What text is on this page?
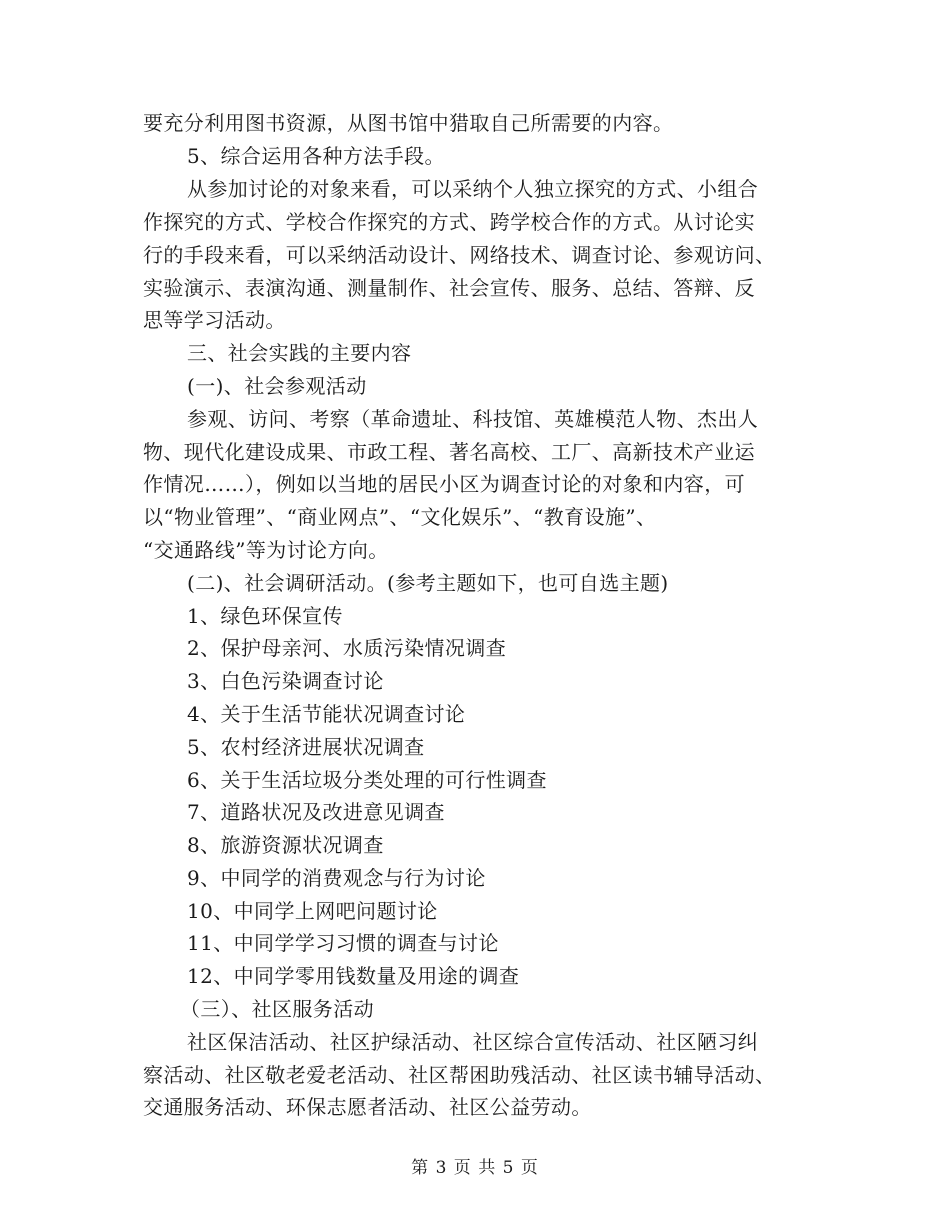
要充分利用图书资源，从图书馆中猎取自己所需要的内容。
5、综合运用各种方法手段。
从参加讨论的对象来看，可以采纳个人独立探究的方式、小组合
作探究的方式、学校合作探究的方式、跨学校合作的方式。从讨论实
行的手段来看，可以采纳活动设计、网络技术、调查讨论、参观访问、
实验演示、表演沟通、测量制作、社会宣传、服务、总结、答辩、反
思等学习活动。
三、社会实践的主要内容
(一)、社会参观活动
参观、访问、考察（革命遗址、科技馆、英雄模范人物、杰出人
物、现代化建设成果、市政工程、著名高校、工厂、高新技术产业运
作情况……），例如以当地的居民小区为调查讨论的对象和内容，可
以“物业管理”、“商业网点”、“文化娱乐”、“教育设施”、
“交通路线”等为讨论方向。
(二)、社会调研活动。(参考主题如下，也可自选主题)
1、绿色环保宣传
2、保护母亲河、水质污染情况调查
3、白色污染调查讨论
4、关于生活节能状况调查讨论
5、农村经济进展状况调查
6、关于生活垃圾分类处理的可行性调查
7、道路状况及改进意见调查
8、旅游资源状况调查
9、中同学的消费观念与行为讨论
10、中同学上网吧问题讨论
11、中同学学习习惯的调查与讨论
12、中同学零用钱数量及用途的调查
（三）、社区服务活动
社区保洁活动、社区护绿活动、社区综合宣传活动、社区陋习纠
察活动、社区敬老爱老活动、社区帮困助残活动、社区读书辅导活动、
交通服务活动、环保志愿者活动、社区公益劳动。
第 3 页 共 5 页
